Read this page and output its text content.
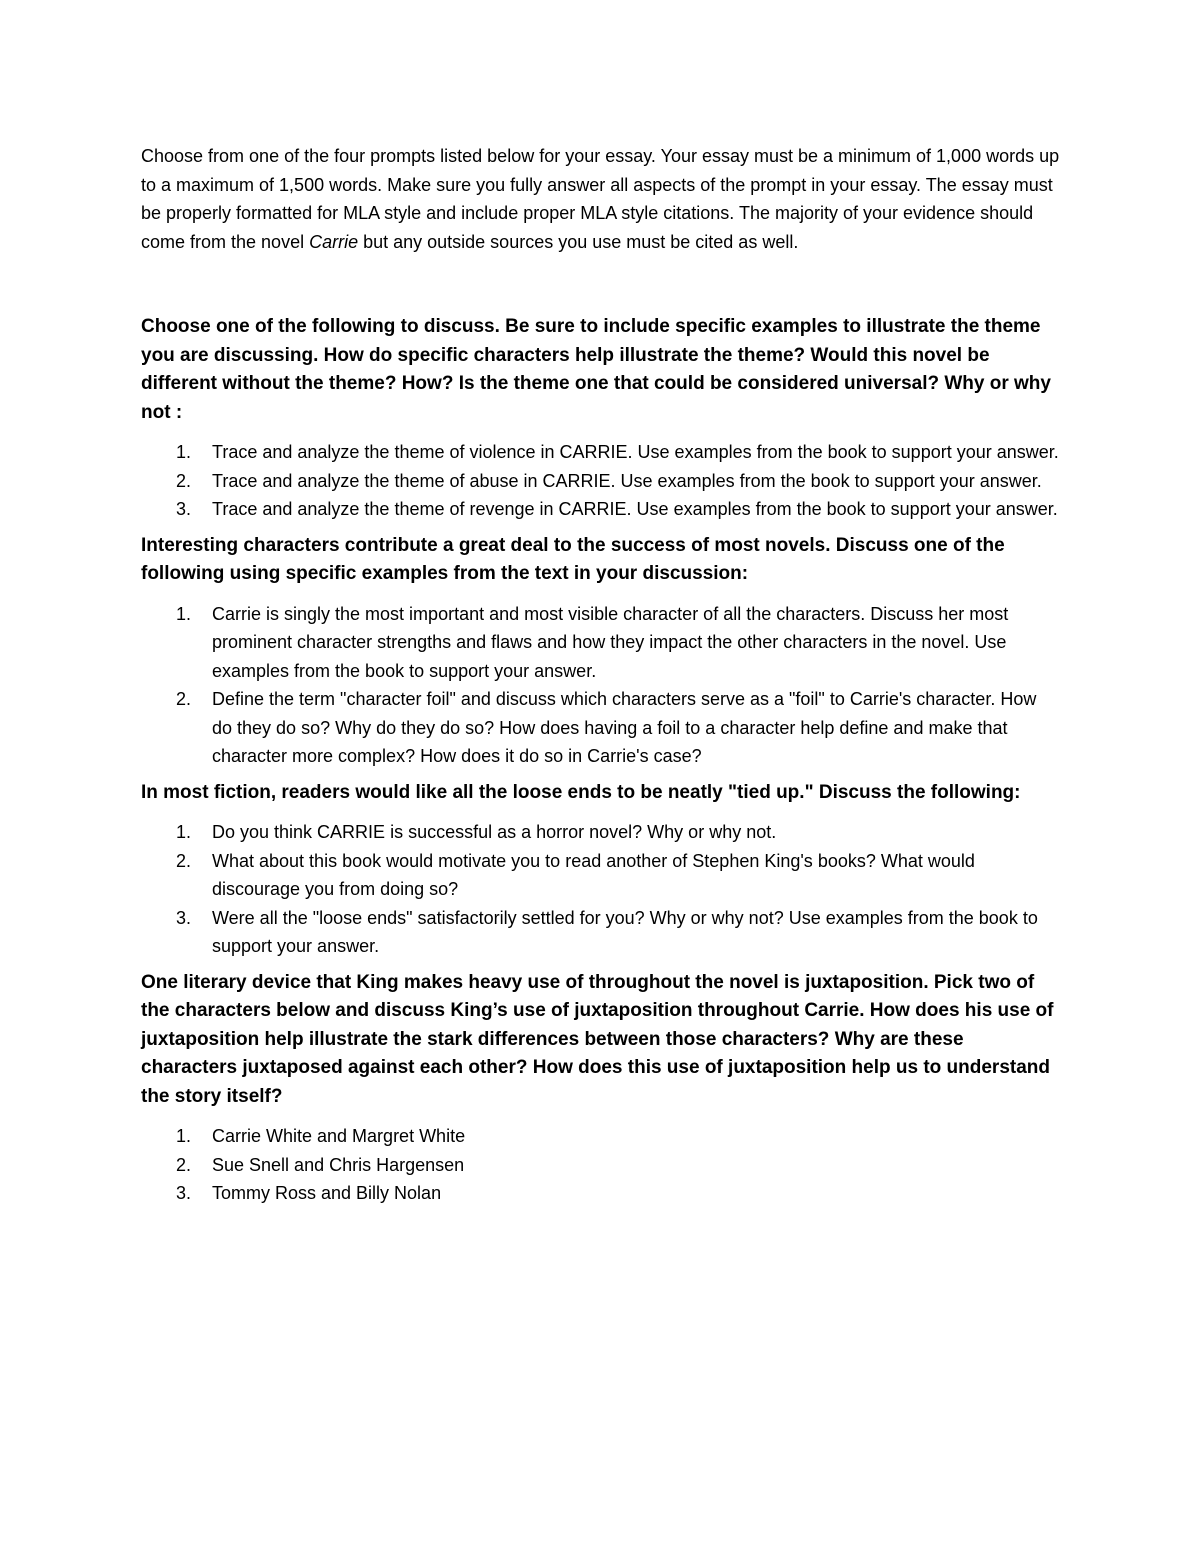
Choose from one of the four prompts listed below for your essay. Your essay must be a minimum of 1,000 words up to a maximum of 1,500 words. Make sure you fully answer all aspects of the prompt in your essay. The essay must be properly formatted for MLA style and include proper MLA style citations. The majority of your evidence should come from the novel Carrie but any outside sources you use must be cited as well.

Choose one of the following to discuss. Be sure to include specific examples to illustrate the theme you are discussing. How do specific characters help illustrate the theme? Would this novel be different without the theme? How? Is the theme one that could be considered universal? Why or why not :

1. Trace and analyze the theme of violence in CARRIE. Use examples from the book to support your answer.
2. Trace and analyze the theme of abuse in CARRIE. Use examples from the book to support your answer.
3. Trace and analyze the theme of revenge in CARRIE. Use examples from the book to support your answer.

Interesting characters contribute a great deal to the success of most novels. Discuss one of the following using specific examples from the text in your discussion:

1. Carrie is singly the most important and most visible character of all the characters. Discuss her most prominent character strengths and flaws and how they impact the other characters in the novel. Use examples from the book to support your answer.
2. Define the term "character foil" and discuss which characters serve as a "foil" to Carrie's character. How do they do so? Why do they do so? How does having a foil to a character help define and make that character more complex? How does it do so in Carrie's case?

In most fiction, readers would like all the loose ends to be neatly "tied up." Discuss the following:

1. Do you think CARRIE is successful as a horror novel? Why or why not.
2. What about this book would motivate you to read another of Stephen King's books? What would discourage you from doing so?
3. Were all the "loose ends" satisfactorily settled for you? Why or why not? Use examples from the book to support your answer.

One literary device that King makes heavy use of throughout the novel is juxtaposition. Pick two of the characters below and discuss King’s use of juxtaposition throughout Carrie. How does his use of juxtaposition help illustrate the stark differences between those characters? Why are these characters juxtaposed against each other? How does this use of juxtaposition help us to understand the story itself?

1. Carrie White and Margret White
2. Sue Snell and Chris Hargensen
3. Tommy Ross and Billy Nolan
